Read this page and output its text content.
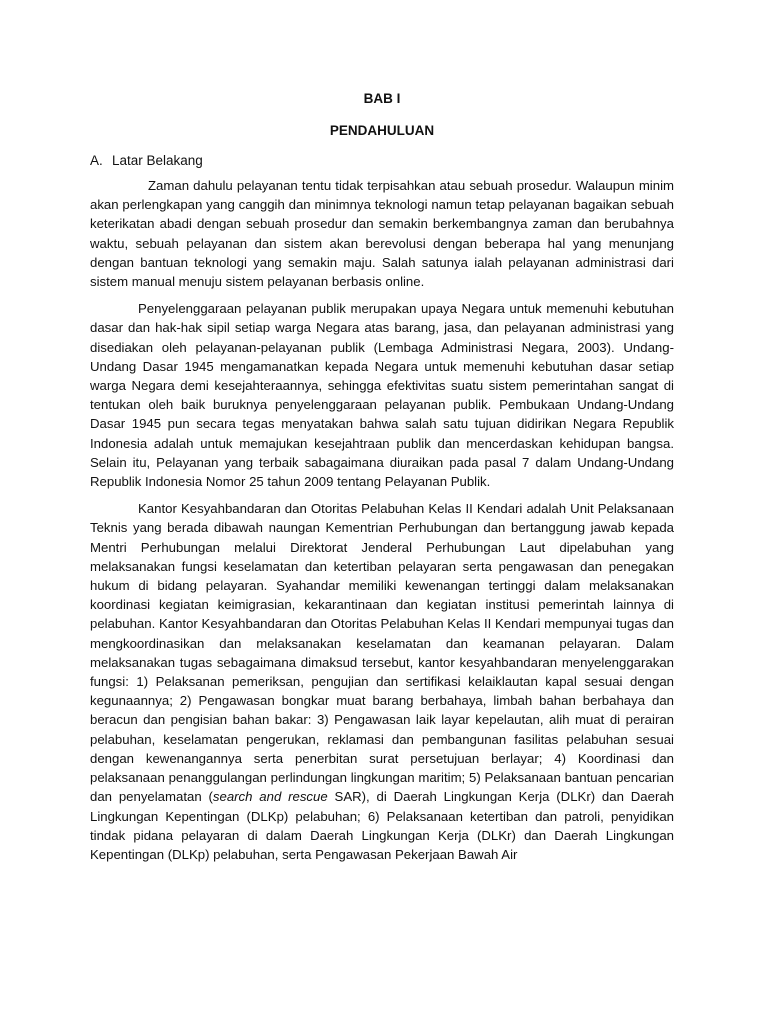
BAB I

PENDAHULUAN

A. Latar Belakang

Zaman dahulu pelayanan tentu tidak terpisahkan atau sebuah prosedur. Walaupun minim akan perlengkapan yang canggih dan minimnya teknologi namun tetap pelayanan bagaikan sebuah keterikatan abadi dengan sebuah prosedur dan semakin berkembangnya zaman dan berubahnya waktu, sebuah pelayanan dan sistem akan berevolusi dengan beberapa hal yang menunjang dengan bantuan teknologi yang semakin maju. Salah satunya ialah pelayanan administrasi dari sistem manual menuju sistem pelayanan berbasis online.

Penyelenggaraan pelayanan publik merupakan upaya Negara untuk memenuhi kebutuhan dasar dan hak-hak sipil setiap warga Negara atas barang, jasa, dan pelayanan administrasi yang disediakan oleh pelayanan-pelayanan publik (Lembaga Administrasi Negara, 2003). Undang-Undang Dasar 1945 mengamanatkan kepada Negara untuk memenuhi kebutuhan dasar setiap warga Negara demi kesejahteraannya, sehingga efektivitas suatu sistem pemerintahan sangat di tentukan oleh baik buruknya penyelenggaraan pelayanan publik. Pembukaan Undang-Undang Dasar 1945 pun secara tegas menyatakan bahwa salah satu tujuan didirikan Negara Republik Indonesia adalah untuk memajukan kesejahtraan publik dan mencerdaskan kehidupan bangsa. Selain itu, Pelayanan yang terbaik sabagaimana diuraikan pada pasal 7 dalam Undang-Undang Republik Indonesia Nomor 25 tahun 2009 tentang Pelayanan Publik.

Kantor Kesyahbandaran dan Otoritas Pelabuhan Kelas II Kendari adalah Unit Pelaksanaan Teknis yang berada dibawah naungan Kementrian Perhubungan dan bertanggung jawab kepada Mentri Perhubungan melalui Direktorat Jenderal Perhubungan Laut dipelabuhan yang melaksanakan fungsi keselamatan dan ketertiban pelayaran serta pengawasan dan penegakan hukum di bidang pelayaran. Syahandar memiliki kewenangan tertinggi dalam melaksanakan koordinasi kegiatan keimigrasian, kekarantinaan dan kegiatan institusi pemerintah lainnya di pelabuhan. Kantor Kesyahbandaran dan Otoritas Pelabuhan Kelas II Kendari mempunyai tugas dan mengkoordinasikan dan melaksanakan keselamatan dan keamanan pelayaran. Dalam melaksanakan tugas sebagaimana dimaksud tersebut, kantor kesyahbandaran menyelenggarakan fungsi: 1) Pelaksanan pemeriksan, pengujian dan sertifikasi kelaiklautan kapal sesuai dengan kegunaannya; 2) Pengawasan bongkar muat barang berbahaya, limbah bahan berbahaya dan beracun dan pengisian bahan bakar: 3) Pengawasan laik layar kepelautan, alih muat di perairan pelabuhan, keselamatan pengerukan, reklamasi dan pembangunan fasilitas pelabuhan sesuai dengan kewenangannya serta penerbitan surat persetujuan berlayar; 4) Koordinasi dan pelaksanaan penanggulangan perlindungan lingkungan maritim; 5) Pelaksanaan bantuan pencarian dan penyelamatan (search and rescue SAR), di Daerah Lingkungan Kerja (DLKr) dan Daerah Lingkungan Kepentingan (DLKp) pelabuhan; 6) Pelaksanaan ketertiban dan patroli, penyidikan tindak pidana pelayaran di dalam Daerah Lingkungan Kerja (DLKr) dan Daerah Lingkungan Kepentingan (DLKp) pelabuhan, serta Pengawasan Pekerjaan Bawah Air
